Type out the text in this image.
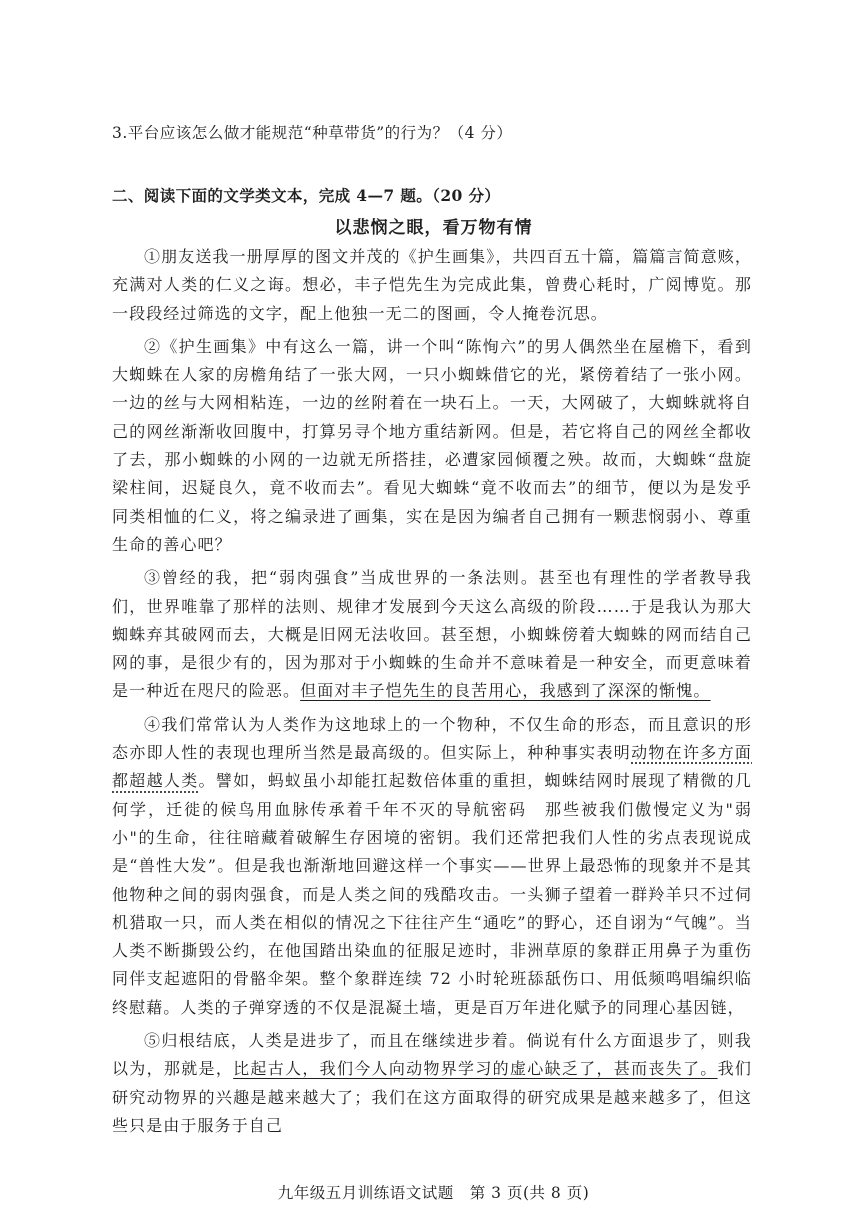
3.平台应该怎么做才能规范“种草带货”的行为？（4 分）
二、阅读下面的文学类文本，完成 4—7 题。（20 分）
以悲悯之眼，看万物有情

①朋友送我一册厚厚的图文并茂的《护生画集》，共四百五十篇，篇篇言简意赅，充满对人类的仁义之诲。想必，丰子恺先生为完成此集，曾费心耗时，广阅博览。那一段段经过筛选的文字，配上他独一无二的图画，令人掩卷沉思。

②《护生画集》中有这么一篇，讲一个叫“陈恂六”的男人偶然坐在屋檐下，看到大蜘蛛在人家的房檐角结了一张大网，一只小蜘蛛借它的光，紧傍着结了一张小网。一边的丝与大网相粘连，一边的丝附着在一块石上。一天，大网破了，大蜘蛛就将自己的网丝渐渐收回腹中，打算另寻个地方重结新网。但是，若它将自己的网丝全都收了去，那小蜘蛛的小网的一边就无所搭挂，必遭家园倾覆之殃。故而，大蜘蛛“盘旋梁柱间，迟疑良久，竟不收而去”。看见大蜘蛛“竟不收而去”的细节，便以为是发乎同类相恤的仁义，将之编录进了画集，实在是因为编者自己拥有一颗悲悯弱小、尊重生命的善心吧？

③曾经的我，把“弱肉强食”当成世界的一条法则。甚至也有理性的学者教导我们，世界唯靠了那样的法则、规律才发展到今天这么高级的阶段……于是我认为那大蜘蛛弃其破网而去，大概是旧网无法收回。甚至想，小蜘蛛傍着大蜘蛛的网而结自己网的事，是很少有的，因为那对于小蜘蛛的生命并不意味着是一种安全，而更意味着是一种近在咫尺的险恶。但面对丰子恺先生的良苦用心，我感到了深深的惭愧。

④我们常常认为人类作为这地球上的一个物种，不仅生命的形态，而且意识的形态亦即人性的表现也理所当然是最高级的。但实际上，种种事实表明动物在许多方面都超越人类。譬如，蚂蚁虽小却能扛起数倍体重的重担，蜘蛛结网时展现了精微的几何学，迁徙的候鸟用血脉传承着千年不灭的导航密码　那些被我们傲慢定义为"弱小"的生命，往往暗藏着破解生存困境的密钥。我们还常把我们人性的劣点表现说成是“兽性大发”。但是我也渐渐地回避这样一个事实——世界上最恐怖的现象并不是其他物种之间的弱肉强食，而是人类之间的残酷攻击。一头狮子望着一群羚羊只不过伺机猎取一只，而人类在相似的情况之下往往产生“通吃”的野心，还自诩为“气魄”。当人类不断撕毁公约，在他国踏出染血的征服足迹时，非洲草原的象群正用鼻子为重伤同伴支起遮阳的骨骼伞架。整个象群连续 72 小时轮班舔舐伤口、用低频鸣唱编织临终慰藉。人类的子弹穿透的不仅是混凝土墙，更是百万年进化赋予的同理心基因链，

⑤归根结底，人类是进步了，而且在继续进步着。倘说有什么方面退步了，则我以为，那就是，比起古人，我们今人向动物界学习的虚心缺乏了，甚而丧失了。我们研究动物界的兴趣是越来越大了；我们在这方面取得的研究成果是越来越多了，但这些只是由于服务于自己

九年级五月训练语文试题　第 3 页(共 8 页)
